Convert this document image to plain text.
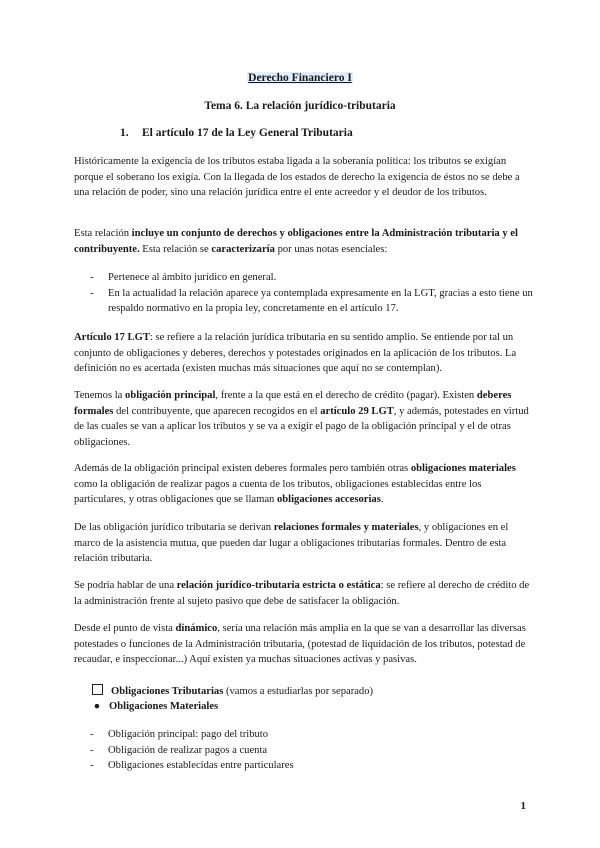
Derecho Financiero I
Tema 6. La relación jurídico-tributaria
1. El artículo 17 de la Ley General Tributaria

Históricamente la exigencia de los tributos estaba ligada a la soberanía política: los tributos se exigían porque el soberano los exigía. Con la llegada de los estados de derecho la exigencia de éstos no se debe a una relación de poder, sino una relación jurídica entre el ente acreedor y el deudor de los tributos.

Esta relación incluye un conjunto de derechos y obligaciones entre la Administración tributaria y el contribuyente. Esta relación se caracterizaría por unas notas esenciales:

- Pertenece al ámbito jurídico en general.
- En la actualidad la relación aparece ya contemplada expresamente en la LGT, gracias a esto tiene un respaldo normativo en la propia ley, concretamente en el artículo 17.

Artículo 17 LGT: se refiere a la relación jurídica tributaria en su sentido amplio. Se entiende por tal un conjunto de obligaciones y deberes, derechos y potestades originados en la aplicación de los tributos. La definición no es acertada (existen muchas más situaciones que aquí no se contemplan).

Tenemos la obligación principal, frente a la que está en el derecho de crédito (pagar). Existen deberes formales del contribuyente, que aparecen recogidos en el artículo 29 LGT, y además, potestades en virtud de las cuales se van a aplicar los tributos y se va a exigir el pago de la obligación principal y el de otras obligaciones.

Además de la obligación principal existen deberes formales pero también otras obligaciones materiales como la obligación de realizar pagos a cuenta de los tributos, obligaciones establecidas entre los particulares, y otras obligaciones que se llaman obligaciones accesorias.

De las obligación jurídico tributaria se derivan relaciones formales y materiales, y obligaciones en el marco de la asistencia mutua, que pueden dar lugar a obligaciones tributarias formales. Dentro de esta relación tributaria.

Se podría hablar de una relación jurídico-tributaria estricta o estática: se refiere al derecho de crédito de la administración frente al sujeto pasivo que debe de satisfacer la obligación.

Desde el punto de vista dinámico, sería una relación más amplia en la que se van a desarrollar las diversas potestades o funciones de la Administración tributaria, (potestad de liquidación de los tributos, potestad de recaudar, e inspeccionar...) Aquí existen ya muchas situaciones activas y pasivas.

Obligaciones Tributarias (vamos a estudiarlas por separado)
● Obligaciones Materiales
- Obligación principal: pago del tributo
- Obligación de realizar pagos a cuenta
- Obligaciones establecidas entre particulares
1
